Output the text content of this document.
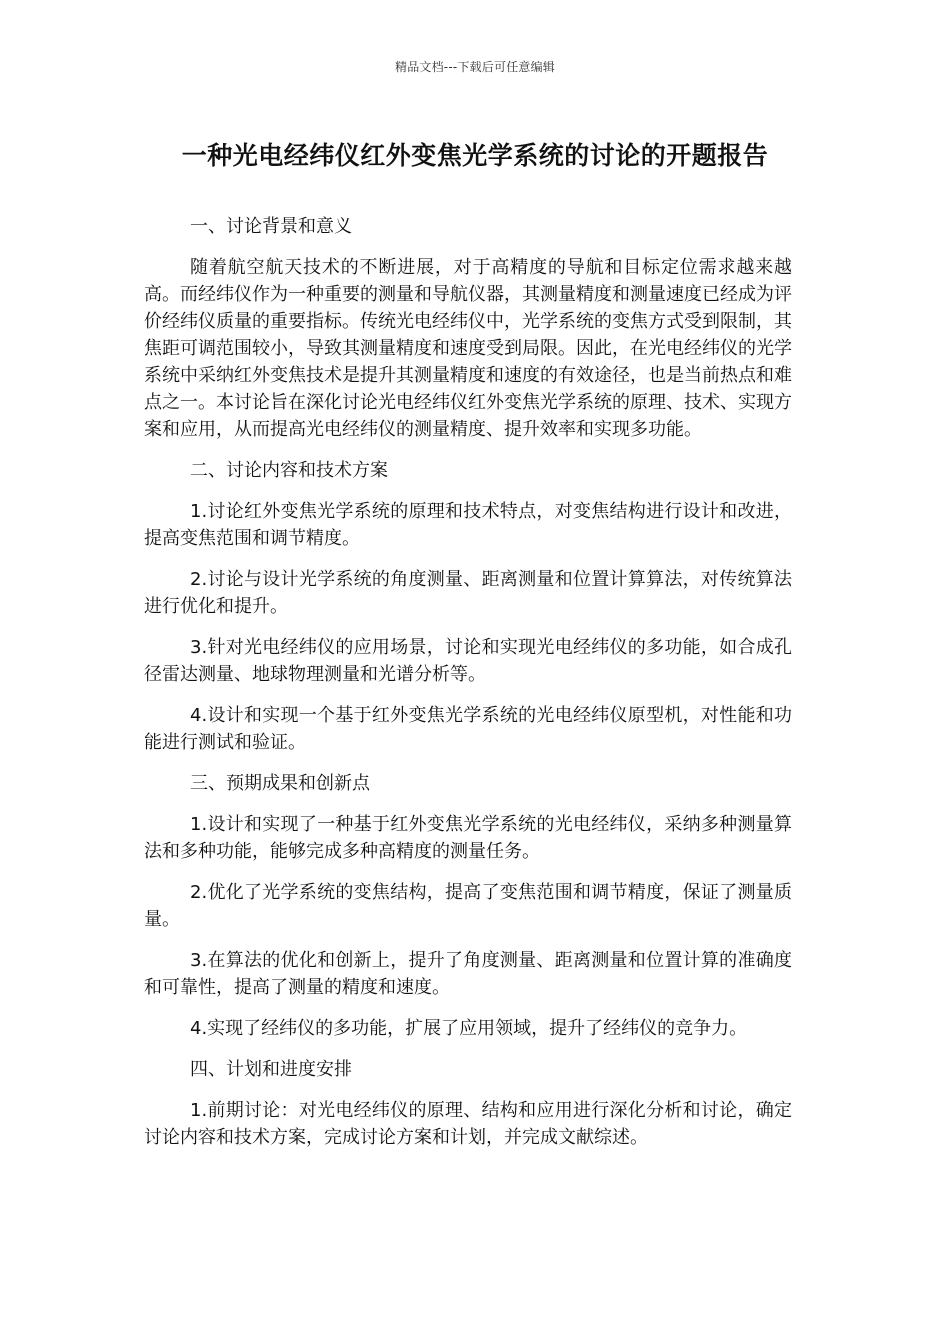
精品文档---下载后可任意编辑
一种光电经纬仪红外变焦光学系统的讨论的开题报告

一、讨论背景和意义

随着航空航天技术的不断进展，对于高精度的导航和目标定位需求越来越高。而经纬仪作为一种重要的测量和导航仪器，其测量精度和测量速度已经成为评价经纬仪质量的重要指标。传统光电经纬仪中，光学系统的变焦方式受到限制，其焦距可调范围较小，导致其测量精度和速度受到局限。因此，在光电经纬仪的光学系统中采纳红外变焦技术是提升其测量精度和速度的有效途径，也是当前热点和难点之一。本讨论旨在深化讨论光电经纬仪红外变焦光学系统的原理、技术、实现方案和应用，从而提高光电经纬仪的测量精度、提升效率和实现多功能。

二、讨论内容和技术方案

1.讨论红外变焦光学系统的原理和技术特点，对变焦结构进行设计和改进，提高变焦范围和调节精度。

2.讨论与设计光学系统的角度测量、距离测量和位置计算算法，对传统算法进行优化和提升。

3.针对光电经纬仪的应用场景，讨论和实现光电经纬仪的多功能，如合成孔径雷达测量、地球物理测量和光谱分析等。

4.设计和实现一个基于红外变焦光学系统的光电经纬仪原型机，对性能和功能进行测试和验证。

三、预期成果和创新点

1.设计和实现了一种基于红外变焦光学系统的光电经纬仪，采纳多种测量算法和多种功能，能够完成多种高精度的测量任务。

2.优化了光学系统的变焦结构，提高了变焦范围和调节精度，保证了测量质量。

3.在算法的优化和创新上，提升了角度测量、距离测量和位置计算的准确度和可靠性，提高了测量的精度和速度。

4.实现了经纬仪的多功能，扩展了应用领域，提升了经纬仪的竞争力。

四、计划和进度安排

1.前期讨论：对光电经纬仪的原理、结构和应用进行深化分析和讨论，确定讨论内容和技术方案，完成讨论方案和计划，并完成文献综述。
